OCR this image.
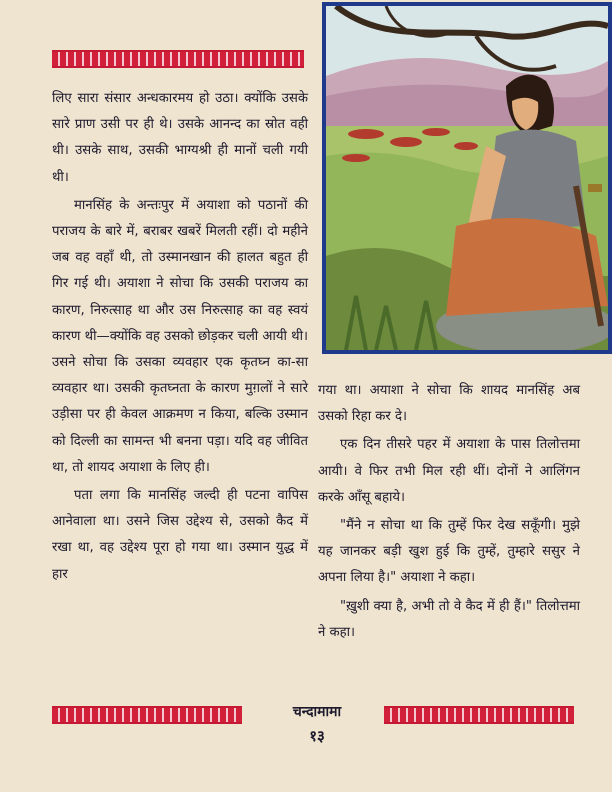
लिए सारा संसार अन्धकारमय हो उठा। क्योंकि उसके सारे प्राण उसी पर ही थे। उसके आनन्द का स्रोत वही थी। उसके साथ, उसकी भाग्यश्री ही मानों चली गयी थी।

मानसिंह के अन्तःपुर में अयाशा को पठानों की पराजय के बारे में, बराबर खबरें मिलती रहीं। दो महीने जब वह वहाँ थी, तो उस्मानखान की हालत बहुत ही गिर गई थी। अयाशा ने सोचा कि उसकी पराजय का कारण, निरुत्साह था और उस निरुत्साह का वह स्वयं कारण थी—क्योंकि वह उसको छोड़कर चली आयी थी। उसने सोचा कि उसका व्यवहार एक कृतघ्न का-सा व्यवहार था। उसकी कृतघ्नता के कारण मुग़लों ने सारे उड़ीसा पर ही केवल आक्रमण न किया, बल्कि उस्मान को दिल्ली का सामन्त भी बनना पड़ा। यदि वह जीवित था, तो शायद अयाशा के लिए ही।

पता लगा कि मानसिंह जल्दी ही पटना वापिस आनेवाला था। उसने जिस उद्देश्य से, उसको कैद में रखा था, वह उद्देश्य पूरा हो गया था। उस्मान युद्ध में हार

गया था। अयाशा ने सोचा कि शायद मानसिंह अब उसको रिहा कर दे।

एक दिन तीसरे पहर में अयाशा के पास तिलोत्तमा आयी। वे फिर तभी मिल रही थीं। दोनों ने आलिंगन करके आँसू बहाये।

"मैंने न सोचा था कि तुम्हें फिर देख सकूँगी। मुझे यह जानकर बड़ी खुश हुई कि तुम्हें, तुम्हारे ससुर ने अपना लिया है।" अयाशा ने कहा।

"ख़ुशी क्या है, अभी तो वे कैद में ही हैं।" तिलोत्तमा ने कहा।

चन्दामामा
१३
